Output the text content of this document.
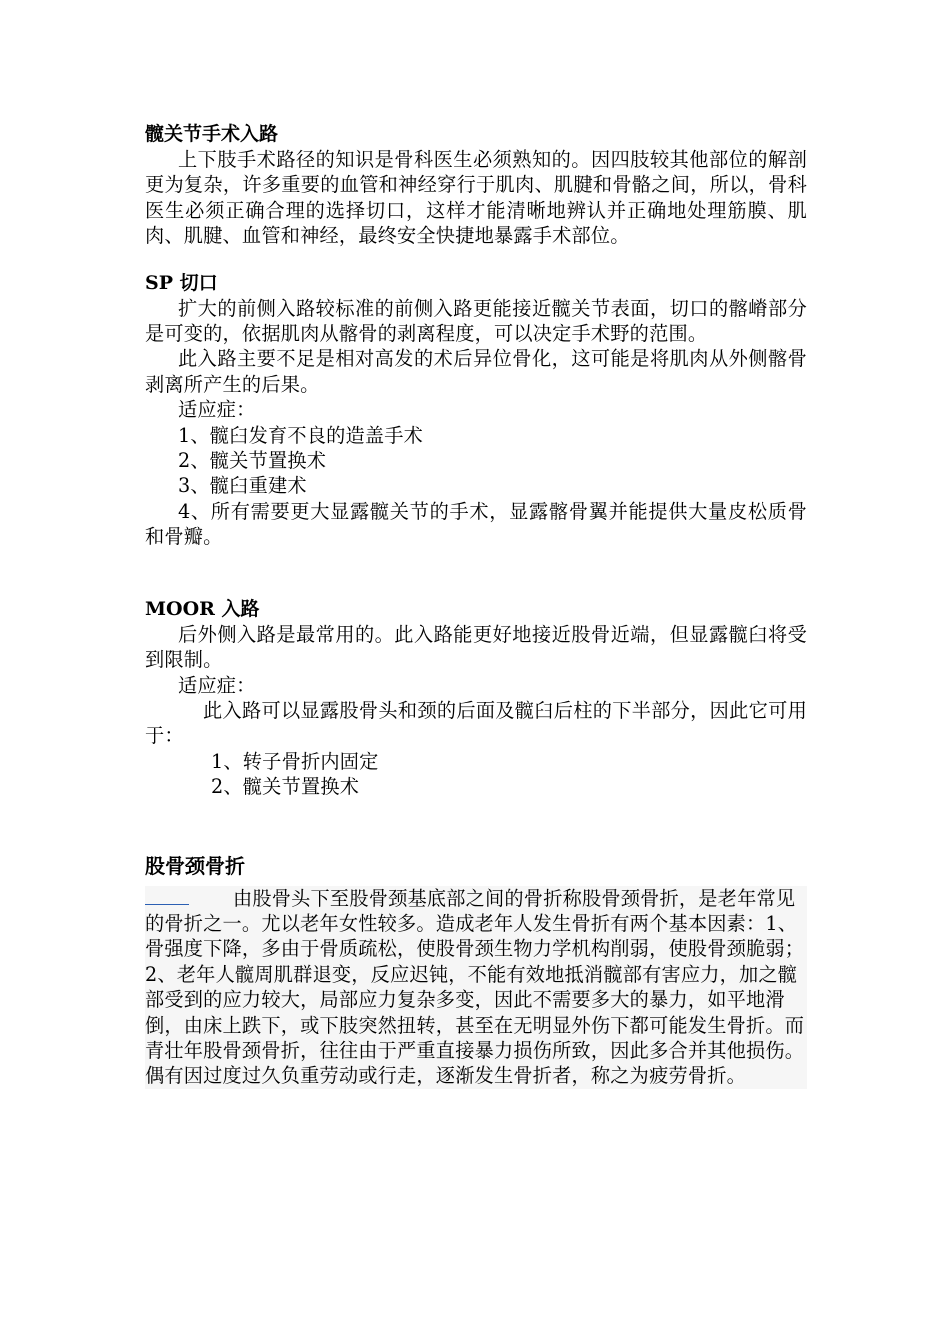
髋关节手术入路

上下肢手术路径的知识是骨科医生必须熟知的。因四肢较其他部位的解剖更为复杂，许多重要的血管和神经穿行于肌肉、肌腱和骨骼之间，所以，骨科医生必须正确合理的选择切口，这样才能清晰地辨认并正确地处理筋膜、肌肉、肌腱、血管和神经，最终安全快捷地暴露手术部位。

SP 切口

扩大的前侧入路较标准的前侧入路更能接近髋关节表面，切口的髂嵴部分是可变的，依据肌肉从髂骨的剥离程度，可以决定手术野的范围。

此入路主要不足是相对高发的术后异位骨化，这可能是将肌肉从外侧髂骨剥离所产生的后果。

适应症：

1、髋臼发育不良的造盖手术

2、髋关节置换术

3、髋臼重建术

4、所有需要更大显露髋关节的手术，显露髂骨翼并能提供大量皮松质骨和骨瓣。

MOOR 入路

后外侧入路是最常用的。此入路能更好地接近股骨近端，但显露髋臼将受到限制。

适应症：

此入路可以显露股骨头和颈的后面及髋臼后柱的下半部分，因此它可用于：

1、转子骨折内固定

2、髋关节置换术

股骨颈骨折

由股骨头下至股骨颈基底部之间的骨折称股骨颈骨折，是老年常见的骨折之一。尤以老年女性较多。造成老年人发生骨折有两个基本因素：1、骨强度下降，多由于骨质疏松，使股骨颈生物力学机构削弱，使股骨颈脆弱；2、老年人髋周肌群退变，反应迟钝，不能有效地抵消髋部有害应力，加之髋部受到的应力较大，局部应力复杂多变，因此不需要多大的暴力，如平地滑倒，由床上跌下，或下肢突然扭转，甚至在无明显外伤下都可能发生骨折。而青壮年股骨颈骨折，往往由于严重直接暴力损伤所致，因此多合并其他损伤。偶有因过度过久负重劳动或行走，逐渐发生骨折者，称之为疲劳骨折。
